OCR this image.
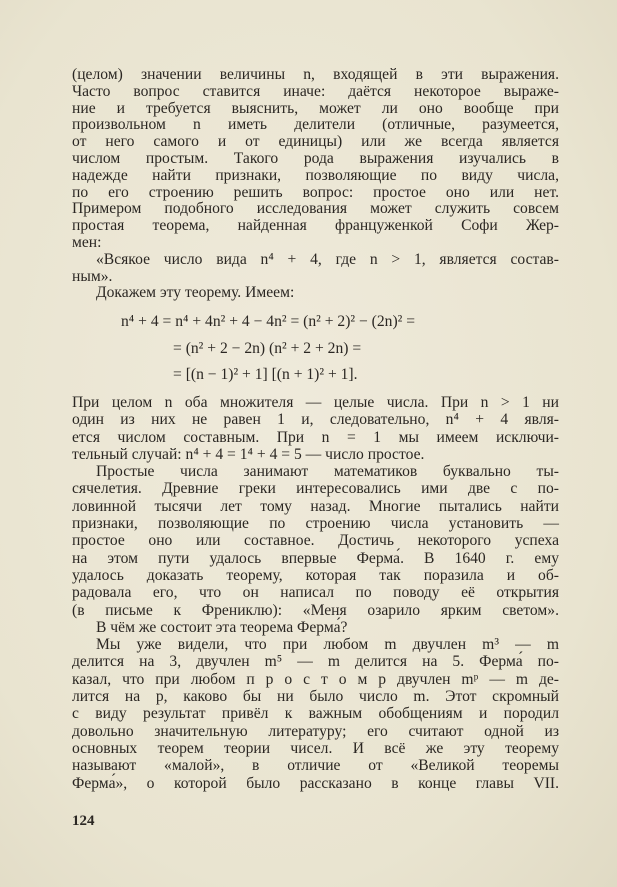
(целом) значении величины n, входящей в эти выражения.
Часто вопрос ставится иначе: даётся некоторое выраже-
ние и требуется выяснить, может ли оно вообще при
произвольном n иметь делители (отличные, разумеется,
от него самого и от единицы) или же всегда является
числом простым. Такого рода выражения изучались в
надежде найти признаки, позволяющие по виду числа,
по его строению решить вопрос: простое оно или нет.
Примером подобного исследования может служить совсем
простая теорема, найденная француженкой Софи Жер-
мен:
«Всякое число вида n⁴ + 4, где n > 1, является состав-
ным».
Докажем эту теорему. Имеем:
n⁴ + 4 = n⁴ + 4n² + 4 − 4n² = (n² + 2)² − (2n)² =
= (n² + 2 − 2n) (n² + 2 + 2n) =
= [(n − 1)² + 1] [(n + 1)² + 1].
При целом n оба множителя — целые числа. При n > 1 ни
один из них не равен 1 и, следовательно, n⁴ + 4 явля-
ется числом составным. При n = 1 мы имеем исключи-
тельный случай: n⁴ + 4 = 1⁴ + 4 = 5 — число простое.
Простые числа занимают математиков буквально ты-
сячелетия. Древние греки интересовались ими две с по-
ловинной тысячи лет тому назад. Многие пытались найти
признаки, позволяющие по строению числа установить —
простое оно или составное. Достичь некоторого успеха
на этом пути удалось впервые Ферма́. В 1640 г. ему
удалось доказать теорему, которая так поразила и об-
радовала его, что он написал по поводу её открытия
(в письме к Френиклю): «Меня озарило ярким светом».
В чём же состоит эта теорема Ферма́?
Мы уже видели, что при любом m двучлен m³ — m
делится на 3, двучлен m⁵ — m делится на 5. Ферма́ по-
казал, что при любом п р о с т о м p двучлен mᵖ — m де-
лится на p, каково бы ни было число m. Этот скромный
с виду результат привёл к важным обобщениям и породил
довольно значительную литературу; его считают одной из
основных теорем теории чисел. И всё же эту теорему
называют «малой», в отличие от «Великой теоремы
Ферма́», о которой было рассказано в конце главы VII.
124
